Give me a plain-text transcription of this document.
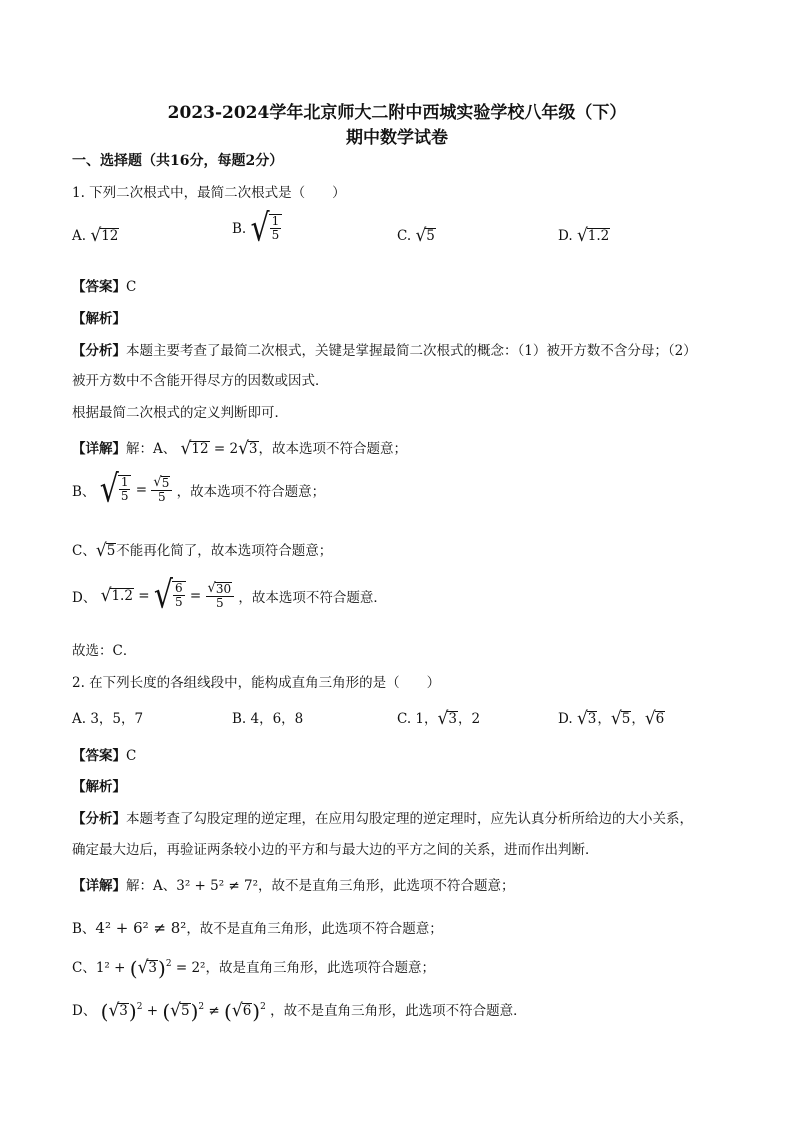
2023-2024学年北京师大二附中西城实验学校八年级（下）
期中数学试卷
一、选择题（共16分，每题2分）
1. 下列二次根式中，最简二次根式是（　　）
A. √ 12	B. √ $\frac{1}{5}$	C. √ 5	D. √ 1.2
【答案】C
【解析】
【分析】本题主要考查了最简二次根式，关键是掌握最简二次根式的概念：（1）被开方数不含分母；（2）
被开方数中不含能开得尽方的因数或因式．
根据最简二次根式的定义判断即可．
【详解】解：A、 √ 12 = 2 √ 3 ，故本选项不符合题意；
B、 √ $\frac{1}{5} = \frac{√ 5}{5}$ ，故本选项不符合题意；
C、 √ 5 不能再化简了，故本选项符合题意；
D、 √ 1.2 = √ $\frac{6}{5} = \frac{√ 30}{5}$ ，故本选项不符合题意．
故选：C．
2. 在下列长度的各组线段中，能构成直角三角形的是（　　）
A. 3，5，7	B. 4，6，8	C. 1， √ 3 ，2	D. √ 3 ， √ 5 ， √ 6
【答案】C
【解析】
【分析】本题考查了勾股定理的逆定理，在应用勾股定理的逆定理时，应先认真分析所给边的大小关系，
确定最大边后，再验证两条较小边的平方和与最大边的平方之间的关系，进而作出判断．
【详解】解：A、3² + 5² ≠ 7²，故不是直角三角形，此选项不符合题意；
B、4² + 6² ≠ 8²，故不是直角三角形，此选项不符合题意；
C、1² + ( √ 3 )$^2$ = 2²，故是直角三角形，此选项符合题意；
D、 ( √ 3 )$^2$ + ( √ 5 )$^2$ ≠ ( √ 6 )$^2$ ，故不是直角三角形，此选项不符合题意．
